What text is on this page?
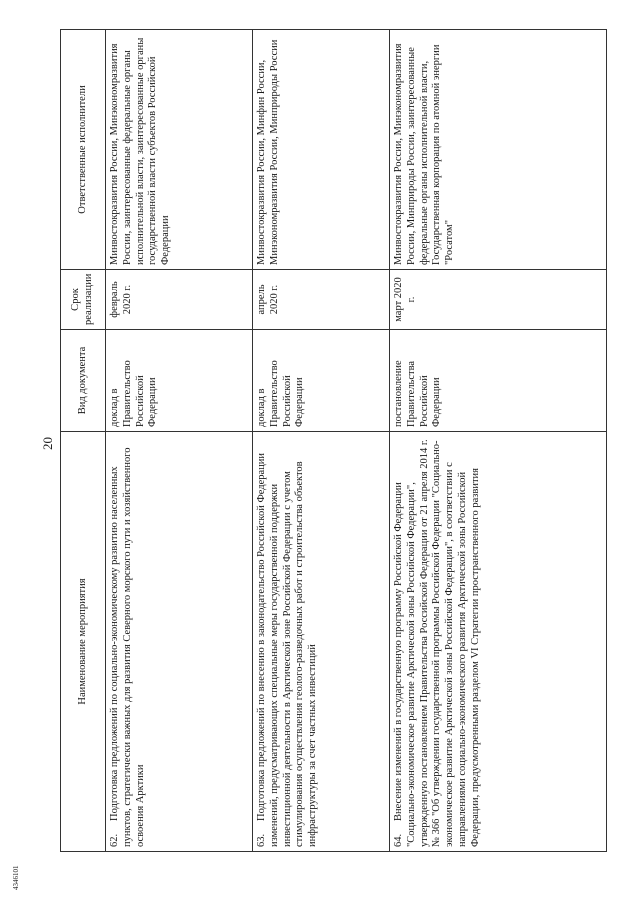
4346101
20
Наименование мероприятия	Вид документа	Срок реализации	Ответственные исполнители
62.Подготовка предложений по социально-экономическому развитию населенных пунктов, стратегически важных для развития Северного морского пути и хозяйственного освоения Арктики	доклад в Правительство Российской Федерации	февраль 2020 г.	Минвостокразвития России, Минэкономразвития России, заинтересованные федеральные органы исполнительной власти, заинтересованные органы государственной власти субъектов Российской Федерации
63.Подготовка предложений по внесению в законодательство Российской Федерации изменений, предусматривающих специальные меры государственной поддержки инвестиционной деятельности в Арктической зоне Российской Федерации с учетом стимулирования осуществления геолого-разведочных работ и строительства объектов инфраструктуры за счет частных инвестиций	доклад в Правительство Российской Федерации	апрель 2020 г.	Минвостокразвития России, Минфин России, Минэкономразвития России, Минприроды России
64.Внесение изменений в государственную программу Российской Федерации "Социально-экономическое развитие Арктической зоны Российской Федерации", утвержденную постановлением Правительства Российской Федерации от 21 апреля 2014 г. № 366 "Об утверждении государственной программы Российской Федерации "Социально-экономическое развитие Арктической зоны Российской Федерации", в соответствии с направлениями социально-экономического развития Арктической зоны Российской Федерации, предусмотренными разделом VI Стратегии пространственного развития	постановление Правительства Российской Федерации	март 2020 г.	Минвостокразвития России, Минэкономразвития России, Минприроды России, заинтересованные федеральные органы исполнительной власти, Государственная корпорация по атомной энергии "Росатом"
